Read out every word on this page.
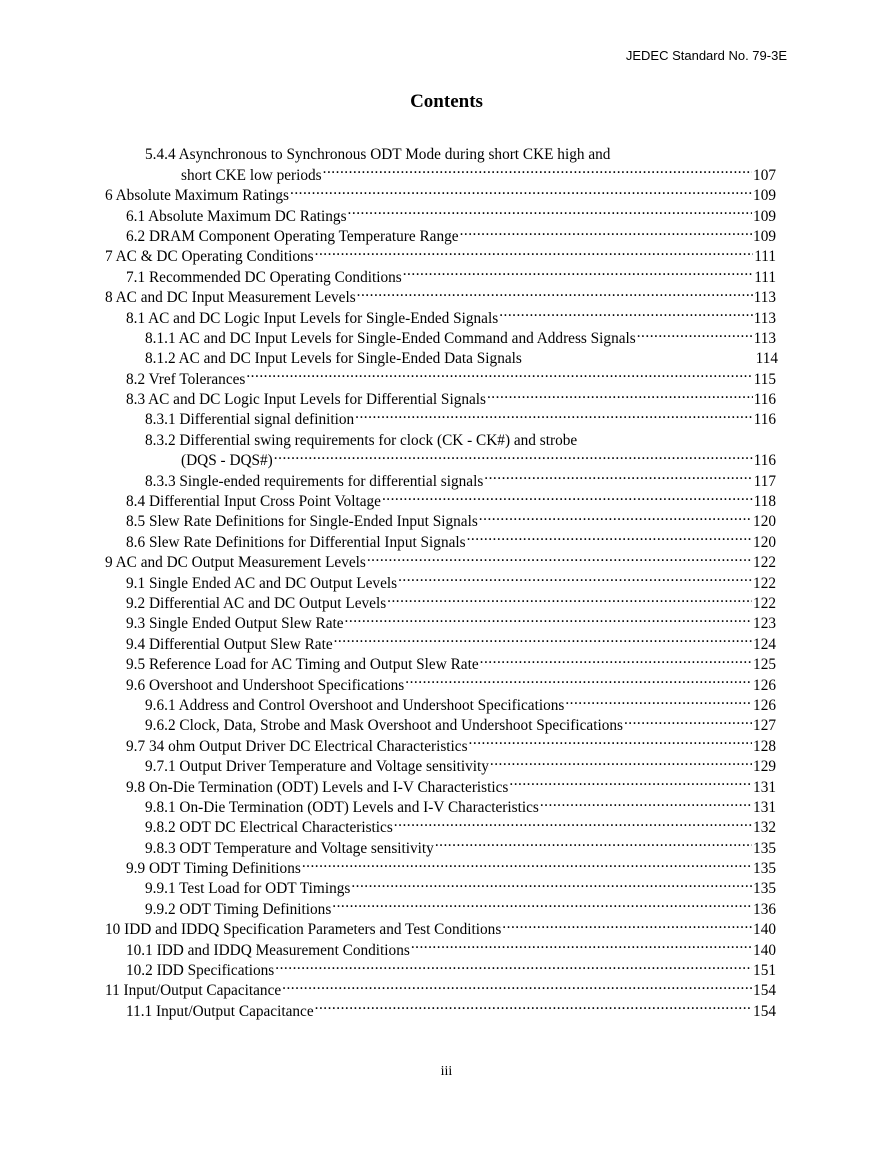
JEDEC Standard No. 79-3E
Contents
5.4.4 Asynchronous to Synchronous ODT Mode during short CKE high and
short CKE low periods .....	107
6 Absolute Maximum Ratings .....	109
6.1 Absolute Maximum DC Ratings .....	109
6.2 DRAM Component Operating Temperature Range .....	109
7 AC & DC Operating Conditions .....	111
7.1 Recommended DC Operating Conditions .....	111
8 AC and DC Input Measurement Levels .....	113
8.1 AC and DC Logic Input Levels for Single-Ended Signals .....	113
8.1.1 AC and DC Input Levels for Single-Ended Command and Address Signals .....	113
8.1.2 AC and DC Input Levels for Single-Ended Data Signals	114
8.2 Vref Tolerances .....	115
8.3 AC and DC Logic Input Levels for Differential Signals .....	116
8.3.1 Differential signal definition .....	116
8.3.2 Differential swing requirements for clock (CK - CK#) and strobe
(DQS - DQS#) .....	116
8.3.3 Single-ended requirements for differential signals .....	117
8.4 Differential Input Cross Point Voltage .....	118
8.5 Slew Rate Definitions for Single-Ended Input Signals .....	120
8.6 Slew Rate Definitions for Differential Input Signals .....	120
9 AC and DC Output Measurement Levels .....	122
9.1 Single Ended AC and DC Output Levels .....	122
9.2 Differential AC and DC Output Levels .....	122
9.3 Single Ended Output Slew Rate .....	123
9.4 Differential Output Slew Rate .....	124
9.5 Reference Load for AC Timing and Output Slew Rate .....	125
9.6 Overshoot and Undershoot Specifications .....	126
9.6.1 Address and Control Overshoot and Undershoot Specifications .....	126
9.6.2 Clock, Data, Strobe and Mask Overshoot and Undershoot Specifications .....	127
9.7 34 ohm Output Driver DC Electrical Characteristics .....	128
9.7.1 Output Driver Temperature and Voltage sensitivity .....	129
9.8 On-Die Termination (ODT) Levels and I-V Characteristics .....	131
9.8.1 On-Die Termination (ODT) Levels and I-V Characteristics .....	131
9.8.2 ODT DC Electrical Characteristics .....	132
9.8.3 ODT Temperature and Voltage sensitivity .....	135
9.9 ODT Timing Definitions .....	135
9.9.1 Test Load for ODT Timings .....	135
9.9.2 ODT Timing Definitions .....	136
10 IDD and IDDQ Specification Parameters and Test Conditions .....	140
10.1 IDD and IDDQ Measurement Conditions .....	140
10.2 IDD Specifications .....	151
11 Input/Output Capacitance .....	154
11.1 Input/Output Capacitance .....	154
iii
